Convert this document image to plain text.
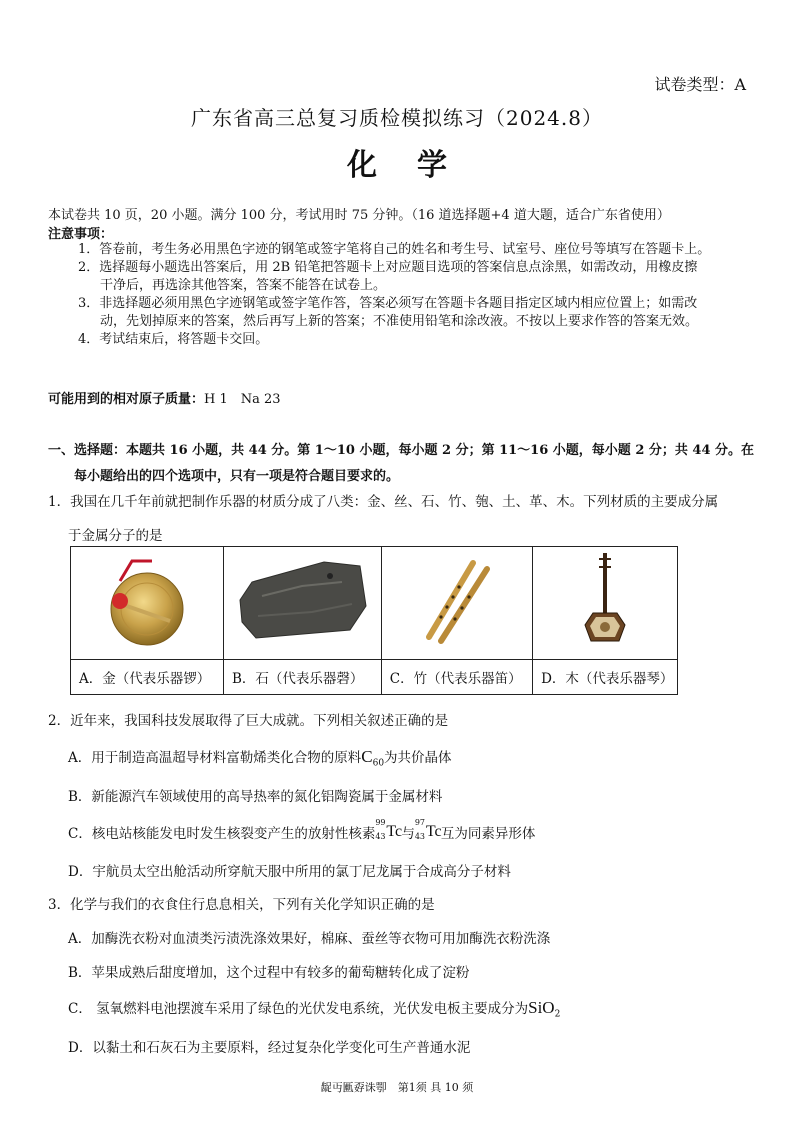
试卷类型：A
广东省高三总复习质检模拟练习（2024.8）
化学
本试卷共 10 页，20 小题。满分 100 分，考试用时 75 分钟。（16 道选择题+4 道大题，适合广东省使用）
注意事项：
1．答卷前，考生务必用黑色字迹的钢笔或签字笔将自己的姓名和考生号、试室号、座位号等填写在答题卡上。
2．选择题每小题选出答案后，用 2B 铅笔把答题卡上对应题目选项的答案信息点涂黑，如需改动，用橡皮擦
干净后，再选涂其他答案，答案不能答在试卷上。
3．非选择题必须用黑色字迹钢笔或签字笔作答，答案必须写在答题卡各题目指定区域内相应位置上；如需改
动，先划掉原来的答案，然后再写上新的答案；不准使用铅笔和涂改液。不按以上要求作答的答案无效。
4．考试结束后，将答题卡交回。
可能用到的相对原子质量：H 1　Na 23
一、选择题：本题共 16 小题，共 44 分。第 1～10 小题，每小题 2 分；第 11～16 小题，每小题 2 分；共 44 分。在
每小题给出的四个选项中，只有一项是符合题目要求的。
1．我国在几千年前就把制作乐器的材质分成了八类：金、丝、石、竹、匏、土、革、木。下列材质的主要成分属
于金属分子的是

A．金（代表乐器锣）	B．石（代表乐器磬）	C．竹（代表乐器笛）	D．木（代表乐器琴）
2．近年来，我国科技发展取得了巨大成就。下列相关叙述正确的是
A．用于制造高温超导材料富勒烯类化合物的原料$C_{60}$为共价晶体
B．新能源汽车领域使用的高导热率的氮化铝陶瓷属于金属材料
C．核电站核能发电时发生核裂变产生的放射性核素
99
43 Tc 与
97
43 Tc 互为同素异形体
D．宇航员太空出舱活动所穿航天服中所用的氯丁尼龙属于合成高分子材料
3．化学与我们的衣食住行息息相关，下列有关化学知识正确的是
A．加酶洗衣粉对血渍类污渍洗涤效果好，棉麻、蚕丝等衣物可用加酶洗衣粉洗涤
B．苹果成熟后甜度增加，这个过程中有较多的葡萄糖转化成了淀粉
C． 氢氧燃料电池摆渡车采用了绿色的光伏发电系统，光伏发电板主要成分为SiO$_2$
D．以黏土和石灰石为主要原料，经过复杂化学变化可生产普通水泥
龊丏匭孬诛卾　第1须 具 10 须
